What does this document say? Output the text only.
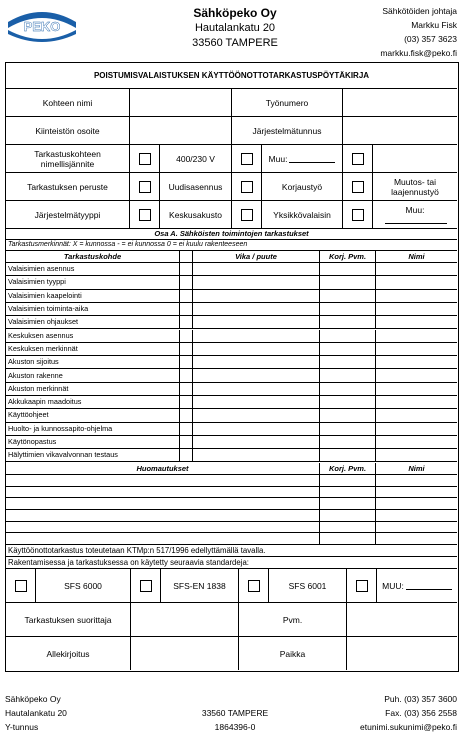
PEKO
Sähköpeko Oy
Hautalankatu 20
33560 TAMPERE
Sähkötöiden johtaja
Markku Fisk
(03) 357 3623
markku.fisk@peko.fi
POISTUMISVALAISTUKSEN KÄYTTÖÖNOTTOTARKASTUSPÖYTÄKIRJA
Kohteen nimi	Työnumero
Kiinteistön osoite	Järjestelmätunnus
Tarkastuskohteen nimellisjännite	400/230 V	Muu:
Tarkastuksen peruste	Uudisasennus	Korjaustyö	Muutos- tai laajennustyö
Järjestelmätyyppi	Keskusakusto	Yksikkövalaisin	Muu:
Osa A. Sähköisten toimintojen tarkastukset
Tarkastusmerkinnät: X = kunnossa - = ei kunnossa 0 = ei kuulu rakenteeseen
Tarkastuskohde	Vika / puute	Korj. Pvm.	Nimi
Valaisimien asennus
Valaisimien tyyppi
Valaisimien kaapelointi
Valaisimien toiminta-aika
Valaisimien ohjaukset
Keskuksen asennus
Keskuksen merkinnät
Akuston sijoitus
Akuston rakenne
Akuston merkinnät
Akkukaapin maadoitus
Käyttöohjeet
Huolto- ja kunnossapito-ohjelma
Käytönopastus
Hälyttimien vikavalvonnan testaus
Huomautukset	Korj. Pvm.	Nimi
Käyttöönottotarkastus toteutetaan KTMp:n 517/1996 edellyttämällä tavalla.
Rakentamisessa ja tarkastuksessa on käytetty seuraavia standardeja:
SFS 6000	SFS-EN 1838	SFS 6001	MUU:
Tarkastuksen suorittaja	Pvm.
Allekirjoitus	Paikka
Sähköpeko Oy
Hautalankatu 20
Y-tunnus
33560 TAMPERE
1864396-0
Puh. (03) 357 3600
Fax. (03) 356 2558
etunimi.sukunimi@peko.fi
